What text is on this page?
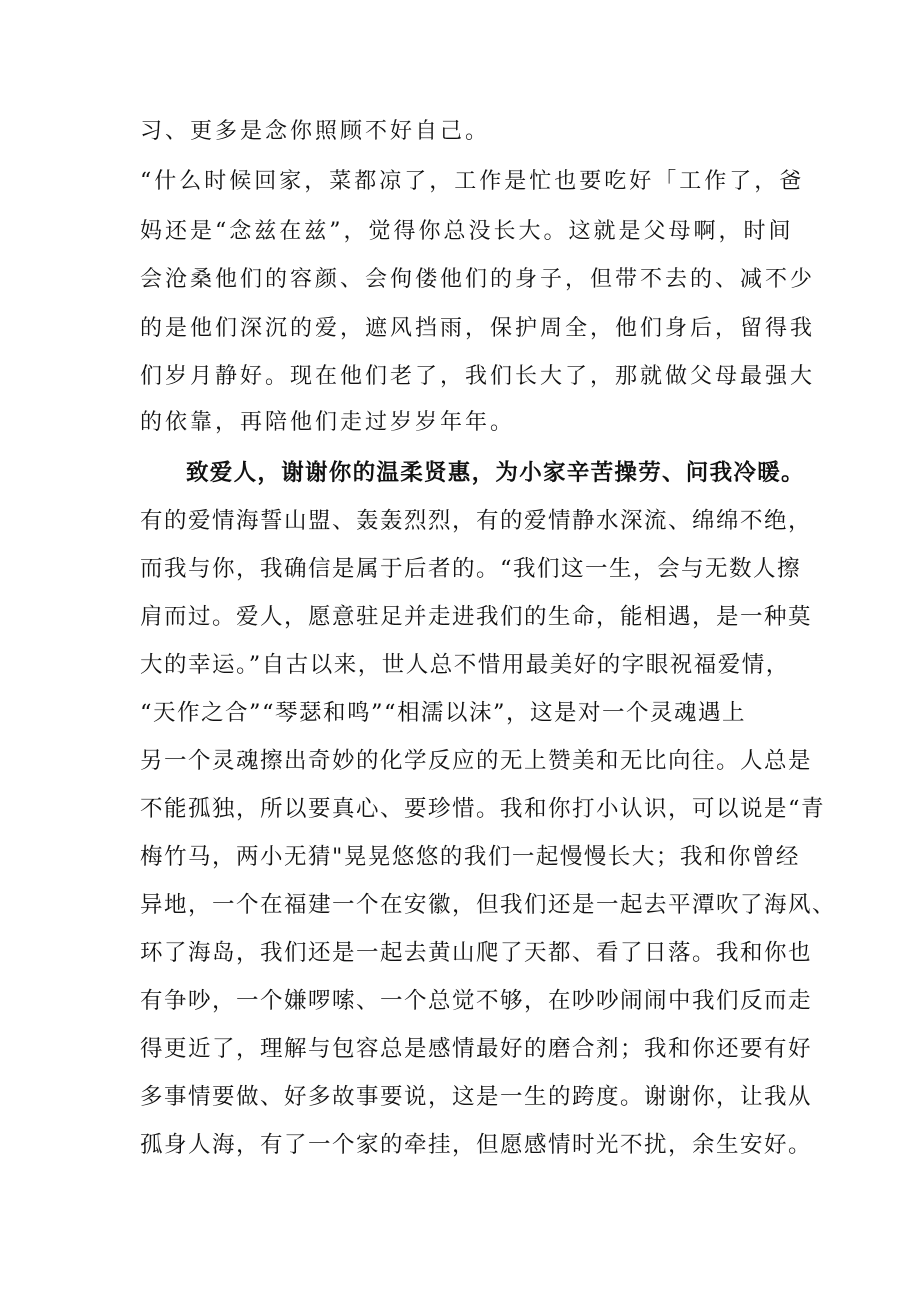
习、更多是念你照顾不好自己。
“什么时候回家，菜都凉了，工作是忙也要吃好「工作了，爸
妈还是“念兹在兹”，觉得你总没长大。这就是父母啊，时间
会沧桑他们的容颜、会佝偻他们的身子，但带不去的、减不少
的是他们深沉的爱，遮风挡雨，保护周全，他们身后，留得我
们岁月静好。现在他们老了，我们长大了，那就做父母最强大
的依靠，再陪他们走过岁岁年年。
致爱人，谢谢你的温柔贤惠，为小家辛苦操劳、问我冷暖。
有的爱情海誓山盟、轰轰烈烈，有的爱情静水深流、绵绵不绝，
而我与你，我确信是属于后者的。“我们这一生，会与无数人擦
肩而过。爱人，愿意驻足并走进我们的生命，能相遇，是一种莫
大的幸运。”自古以来，世人总不惜用最美好的字眼祝福爱情，
“天作之合”“琴瑟和鸣”“相濡以沫”，这是对一个灵魂遇上
另一个灵魂擦出奇妙的化学反应的无上赞美和无比向往。人总是
不能孤独，所以要真心、要珍惜。我和你打小认识，可以说是“青
梅竹马，两小无猜"晃晃悠悠的我们一起慢慢长大；我和你曾经
异地，一个在福建一个在安徽，但我们还是一起去平潭吹了海风、
环了海岛，我们还是一起去黄山爬了天都、看了日落。我和你也
有争吵，一个嫌啰嗦、一个总觉不够，在吵吵闹闹中我们反而走
得更近了，理解与包容总是感情最好的磨合剂；我和你还要有好
多事情要做、好多故事要说，这是一生的跨度。谢谢你，让我从
孤身人海，有了一个家的牵挂，但愿感情时光不扰，余生安好。
